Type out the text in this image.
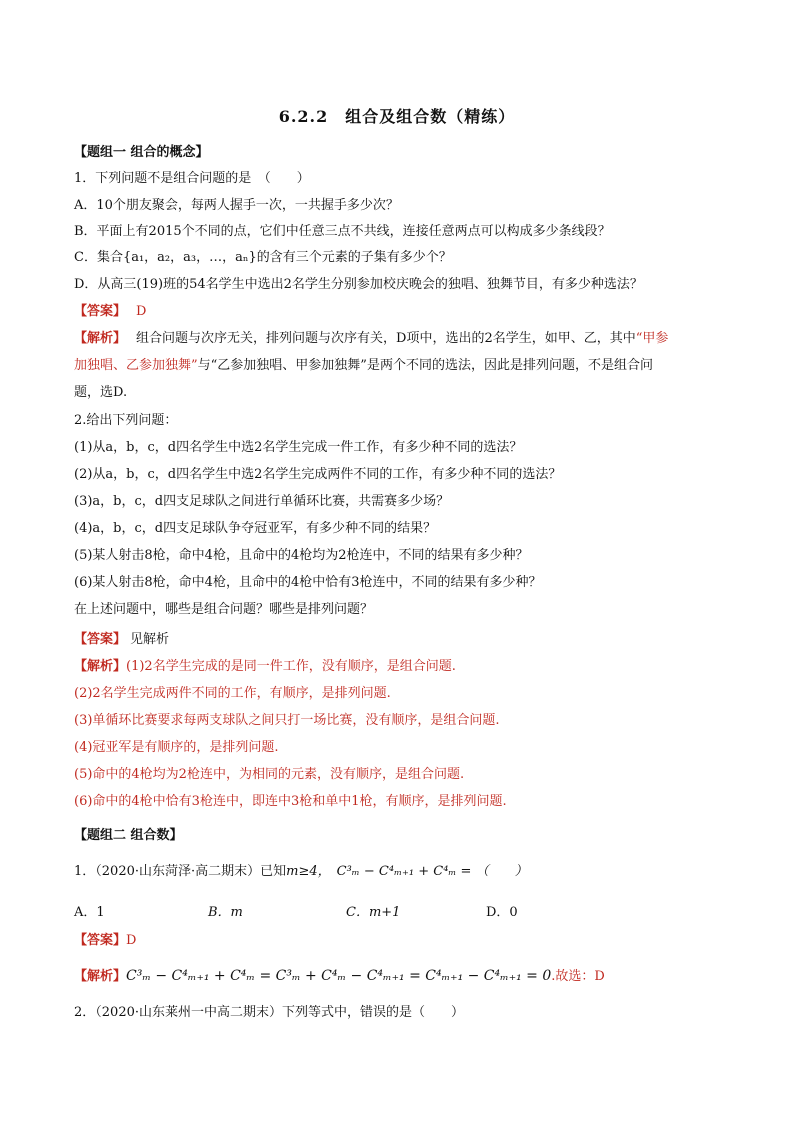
6.2.2　组合及组合数（精练）
【题组一 组合的概念】
1．下列问题不是组合问题的是　（　　）
A．10个朋友聚会，每两人握手一次，一共握手多少次？
B．平面上有2015个不同的点，它们中任意三点不共线，连接任意两点可以构成多少条线段？
C．集合{a₁，a₂，a₃，…，aₙ}的含有三个元素的子集有多少个？
D．从高三(19)班的54名学生中选出2名学生分别参加校庆晚会的独唱、独舞节目，有多少种选法？
【答案】 D
【解析】 组合问题与次序无关，排列问题与次序有关，D项中，选出的2名学生，如甲、乙，其中“甲参
加独唱、乙参加独舞”与“乙参加独唱、甲参加独舞”是两个不同的选法，因此是排列问题，不是组合问
题，选D.
2.给出下列问题：
(1)从a，b，c，d四名学生中选2名学生完成一件工作，有多少种不同的选法？
(2)从a，b，c，d四名学生中选2名学生完成两件不同的工作，有多少种不同的选法？
(3)a，b，c，d四支足球队之间进行单循环比赛，共需赛多少场？
(4)a，b，c，d四支足球队争夺冠亚军，有多少种不同的结果？
(5)某人射击8枪，命中4枪，且命中的4枪均为2枪连中，不同的结果有多少种？
(6)某人射击8枪，命中4枪，且命中的4枪中恰有3枪连中，不同的结果有多少种？
在上述问题中，哪些是组合问题？哪些是排列问题？
【答案】 见解析
【解析】(1)2名学生完成的是同一件工作，没有顺序，是组合问题.
(2)2名学生完成两件不同的工作，有顺序，是排列问题.
(3)单循环比赛要求每两支球队之间只打一场比赛，没有顺序，是组合问题.
(4)冠亚军是有顺序的，是排列问题.
(5)命中的4枪均为2枪连中，为相同的元素，没有顺序，是组合问题.
(6)命中的4枪中恰有3枪连中，即连中3枪和单中1枪，有顺序，是排列问题.
【题组二 组合数】
1．（2020·山东菏泽·高二期末）已知m≥4， C³ₘ − C⁴ₘ₊₁ + C⁴ₘ = （　　）
A．1	B．m	C．m+1	D．0
【答案】D
【解析】C³ₘ − C⁴ₘ₊₁ + C⁴ₘ = C³ₘ + C⁴ₘ − C⁴ₘ₊₁ = C⁴ₘ₊₁ − C⁴ₘ₊₁ = 0.故选：D
2．（2020·山东莱州一中高二期末）下列等式中，错误的是（　　）
